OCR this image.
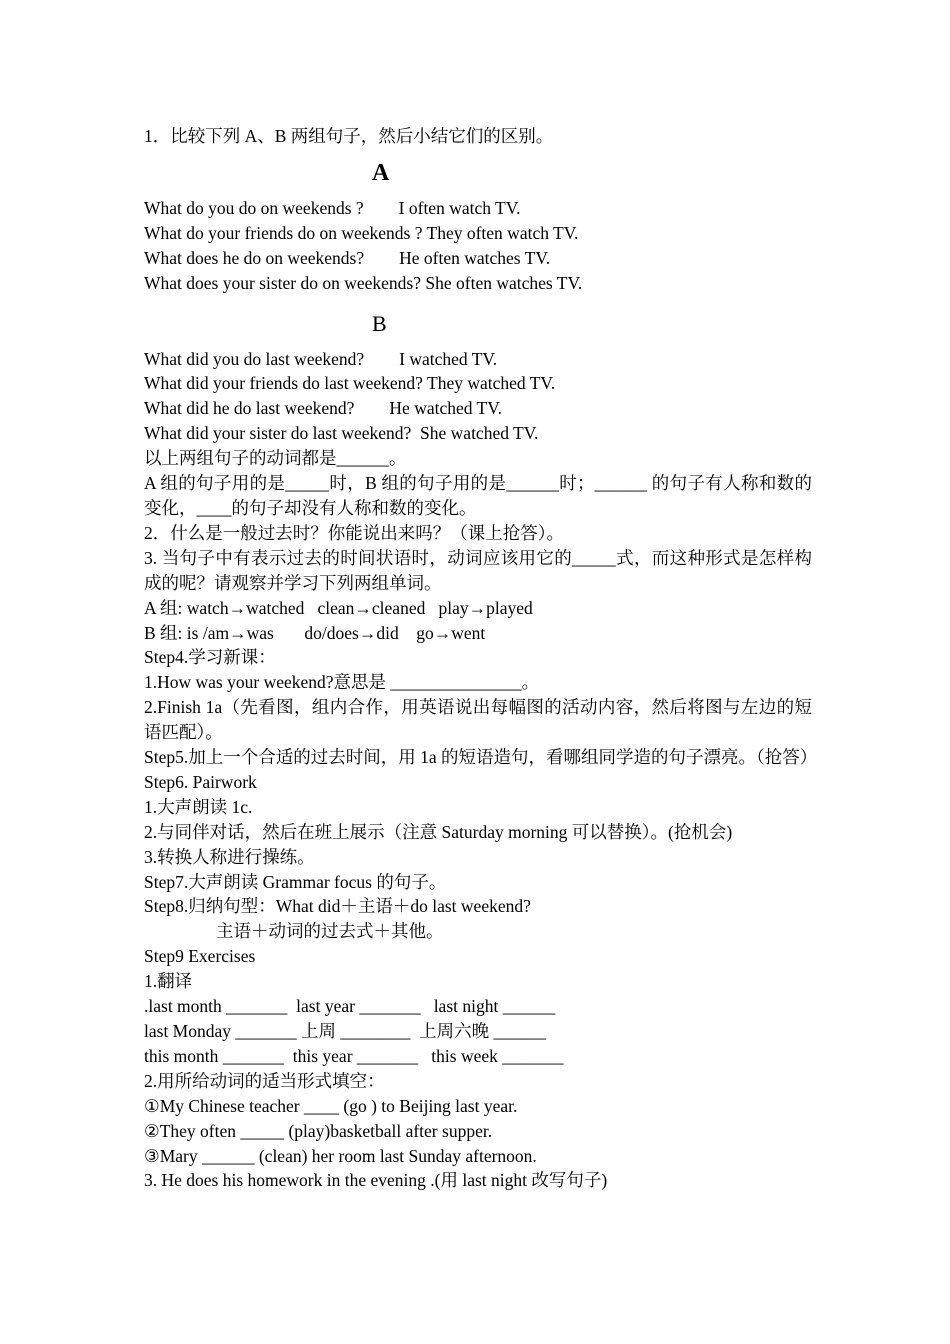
1．比较下列 A、B 两组句子，然后小结它们的区别。
A
What do you do on weekends ?        I often watch TV.
What do your friends do on weekends ? They often watch TV.
What does he do on weekends?        He often watches TV.
What does your sister do on weekends? She often watches TV.
B
What did you do last weekend?        I watched TV.
What did your friends do last weekend? They watched TV.
What did he do last weekend?        He watched TV.
What did your sister do last weekend?  She watched TV.
以上两组句子的动词都是______。
A 组的句子用的是_____时，B 组的句子用的是______时；______ 的句子有人称和数的变化，____的句子却没有人称和数的变化。
2．什么是一般过去时？你能说出来吗？（课上抢答）。
3. 当句子中有表示过去的时间状语时，动词应该用它的_____式，而这种形式是怎样构成的呢？请观察并学习下列两组单词。
A 组: watch→watched   clean→cleaned   play→played
B 组: is /am→was       do/does→did    go→went
Step4.学习新课：
1.How was your weekend?意思是 _______________。
2.Finish 1a（先看图，组内合作，用英语说出每幅图的活动内容，然后将图与左边的短语匹配）。
Step5.加上一个合适的过去时间，用 1a 的短语造句，看哪组同学造的句子漂亮。（抢答）
Step6. Pairwork
1.大声朗读 1c.
2.与同伴对话，然后在班上展示（注意 Saturday morning 可以替换）。(抢机会)
3.转换人称进行操练。
Step7.大声朗读 Grammar focus 的句子。
Step8.归纳句型：What did＋主语＋do last weekend?
主语＋动词的过去式＋其他。
Step9 Exercises
1.翻译
.last month _______  last year _______   last night ______
last Monday _______ 上周 ________  上周六晚 ______
this month _______  this year _______   this week _______
2.用所给动词的适当形式填空：
①My Chinese teacher ____ (go ) to Beijing last year.
②They often _____ (play)basketball after supper.
③Mary ______ (clean) her room last Sunday afternoon.
3. He does his homework in the evening .(用 last night 改写句子)
